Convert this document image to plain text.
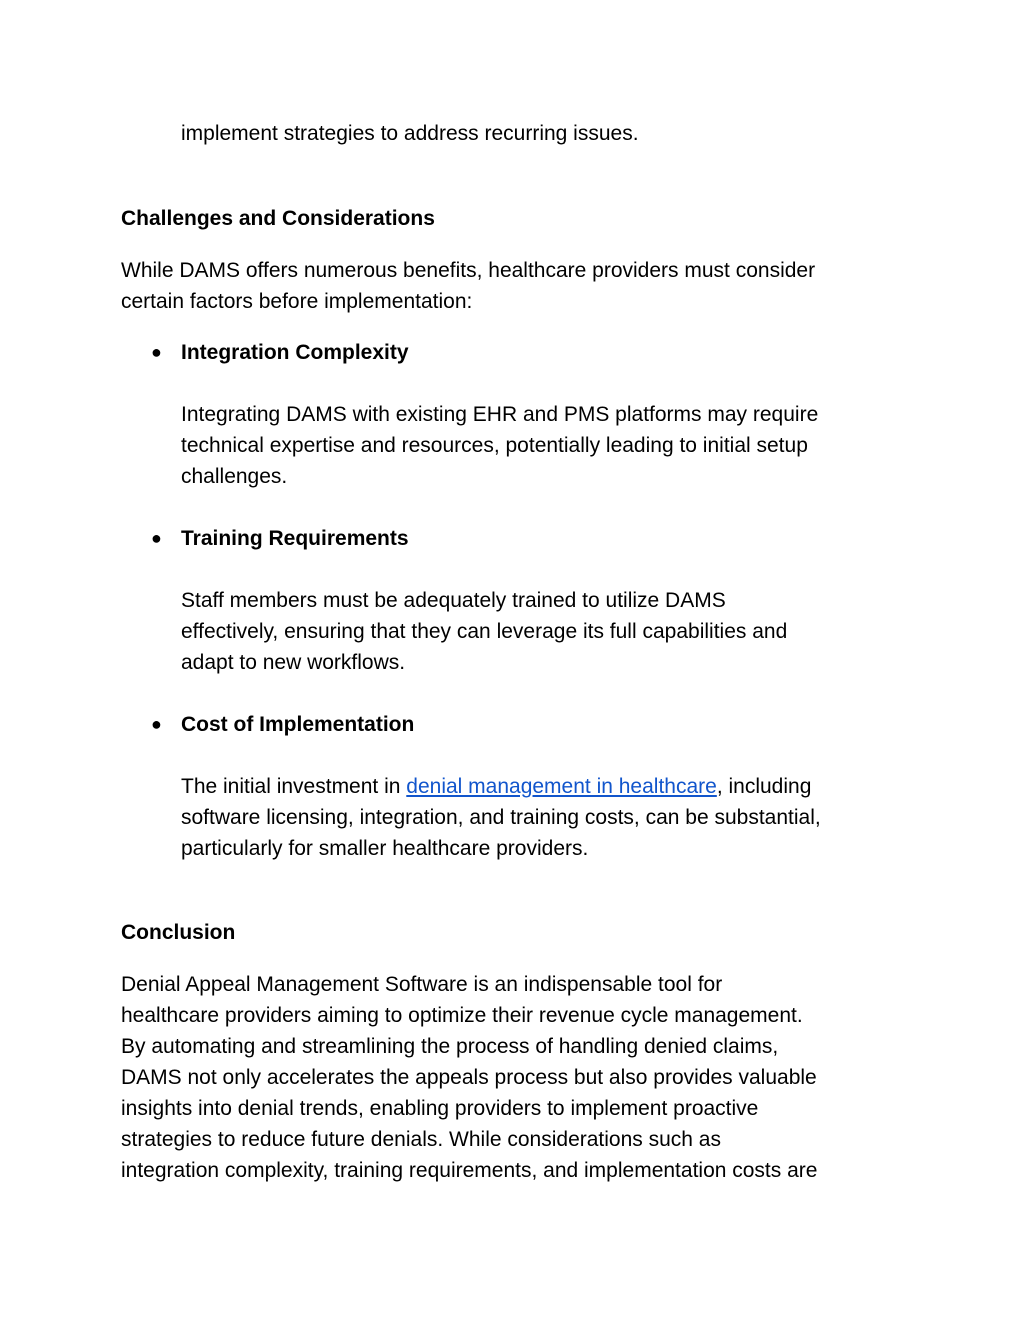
implement strategies to address recurring issues.

Challenges and Considerations

While DAMS offers numerous benefits, healthcare providers must consider
certain factors before implementation:

● Integration Complexity

Integrating DAMS with existing EHR and PMS platforms may require
technical expertise and resources, potentially leading to initial setup
challenges.

● Training Requirements

Staff members must be adequately trained to utilize DAMS
effectively, ensuring that they can leverage its full capabilities and
adapt to new workflows.

● Cost of Implementation

The initial investment in denial management in healthcare, including
software licensing, integration, and training costs, can be substantial,
particularly for smaller healthcare providers.

Conclusion

Denial Appeal Management Software is an indispensable tool for
healthcare providers aiming to optimize their revenue cycle management.
By automating and streamlining the process of handling denied claims,
DAMS not only accelerates the appeals process but also provides valuable
insights into denial trends, enabling providers to implement proactive
strategies to reduce future denials. While considerations such as
integration complexity, training requirements, and implementation costs are
